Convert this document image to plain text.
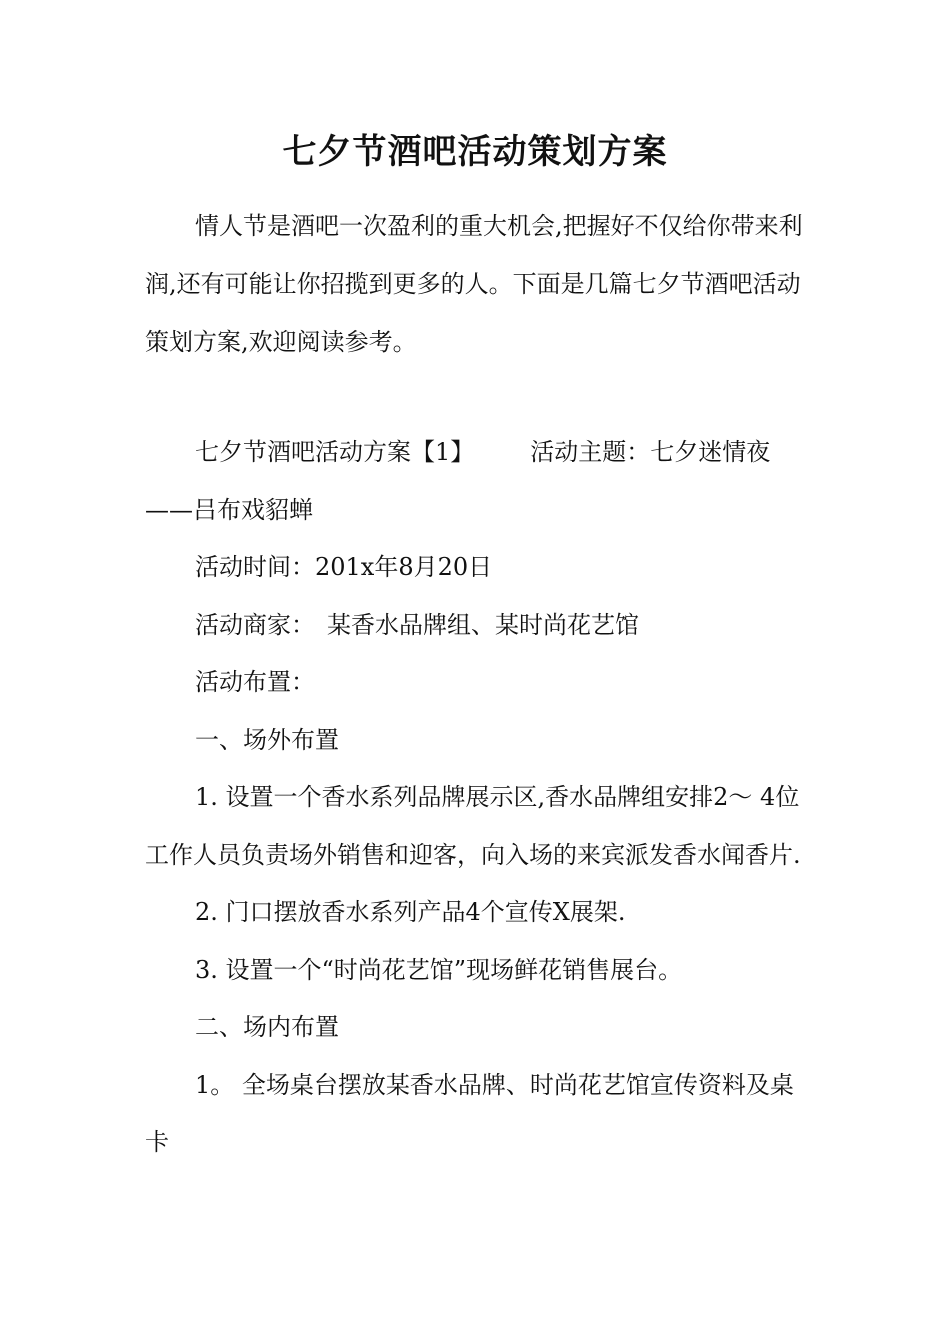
七夕节酒吧活动策划方案

情人节是酒吧一次盈利的重大机会,把握好不仅给你带来利润,还有可能让你招揽到更多的人。下面是几篇七夕节酒吧活动策划方案,欢迎阅读参考。

七夕节酒吧活动方案【1】 活动主题：七夕迷情夜——吕布戏貂蝉

活动时间：201x年8月20日

活动商家：　某香水品牌组、某时尚花艺馆

活动布置：

一、场外布置

1. 设置一个香水系列品牌展示区,香水品牌组安排2～ 4位工作人员负责场外销售和迎客，向入场的来宾派发香水闻香片.

2. 门口摆放香水系列产品4个宣传X展架.

3. 设置一个“时尚花艺馆”现场鲜花销售展台。

二、场内布置

1。 全场桌台摆放某香水品牌、时尚花艺馆宣传资料及桌卡
